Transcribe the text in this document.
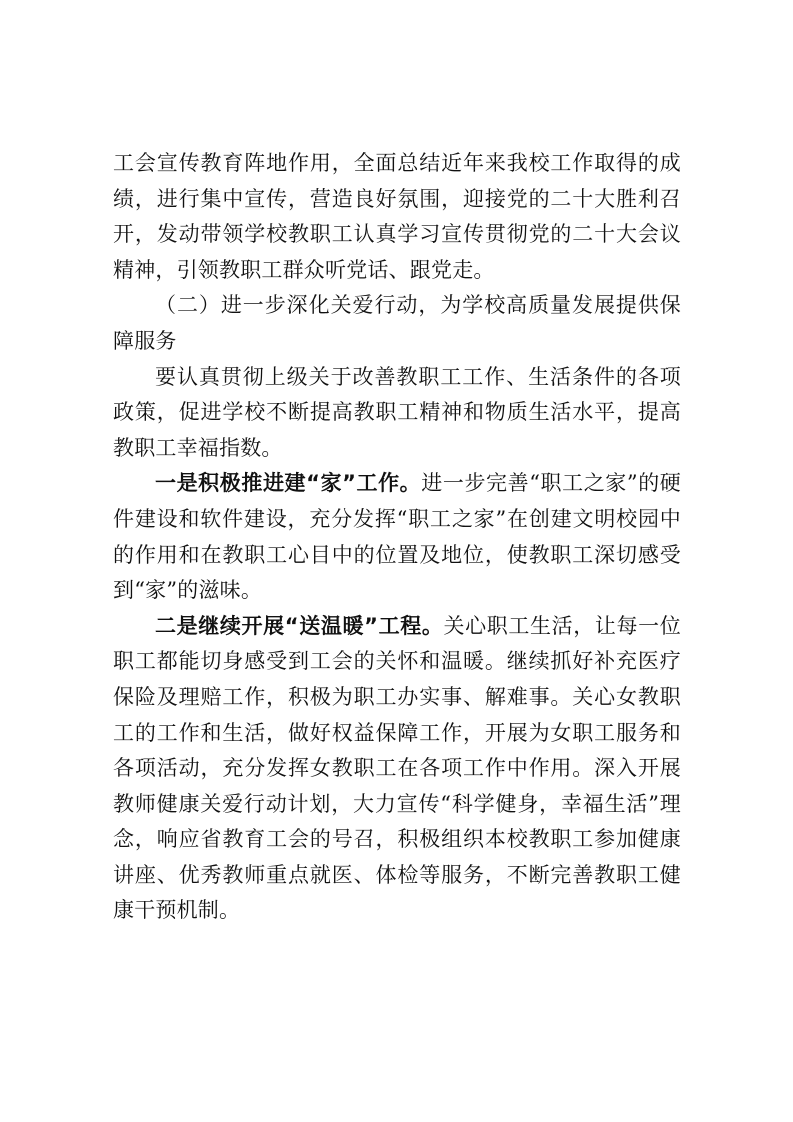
工会宣传教育阵地作用，全面总结近年来我校工作取得的成绩，进行集中宣传，营造良好氛围，迎接党的二十大胜利召开，发动带领学校教职工认真学习宣传贯彻党的二十大会议精神，引领教职工群众听党话、跟党走。

（二）进一步深化关爱行动，为学校高质量发展提供保障服务

要认真贯彻上级关于改善教职工工作、生活条件的各项政策，促进学校不断提高教职工精神和物质生活水平，提高教职工幸福指数。

一是积极推进建“家”工作。进一步完善“职工之家”的硬件建设和软件建设，充分发挥“职工之家”在创建文明校园中的作用和在教职工心目中的位置及地位，使教职工深切感受到“家”的滋味。

二是继续开展“送温暖”工程。关心职工生活，让每一位职工都能切身感受到工会的关怀和温暖。继续抓好补充医疗保险及理赔工作，积极为职工办实事、解难事。关心女教职工的工作和生活，做好权益保障工作，开展为女职工服务和各项活动，充分发挥女教职工在各项工作中作用。深入开展教师健康关爱行动计划，大力宣传“科学健身，幸福生活”理念，响应省教育工会的号召，积极组织本校教职工参加健康讲座、优秀教师重点就医、体检等服务，不断完善教职工健康干预机制。
